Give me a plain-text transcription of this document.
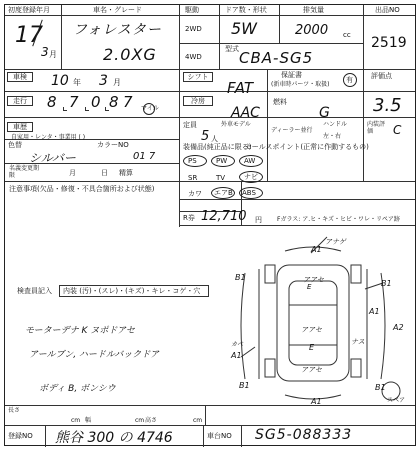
初度登録年月
17
3 月
車名・グレード
フォレスター
2.0XG
駆動
2WD
4WD
ドア数・形状
5W
排気量
2000 cc
型式 CBA-SG5
出品NO
2519
車検	10 年 3 月
シフト
FAT
保証書
(新車時パーツ・取扱)
有	評価点
3.5
走行	8 7 0 8 7 マイル
冷房
AAC
燃料
G
車歴
自家用・レンタ・事業用 ( )
定員
5 人
外車モデル
ディーラー並行
ハンドル
左・右
内装評価	C
色替
シルバー
カラーNO
01 7
名義変更期限	月	日 精算
装備品(純正品に限る)
PS	PW AW
SR	TV	ナビ
カワ エアB ABS
R券 12,710 円
セールスポイント(正常に作動するもの)
Fガラス: ア.ヒ・キズ・ヒビ・ワレ・リペア跡
注意事項(欠品・修復・不具合箇所および状態)
検査員記入	内装 (汚)・(スレ)・(キズ)・キレ・コゲ・穴
モーターデナ K ヌポドアセ
アールブン, ハードルバックドア
ボディ B, ボンシウ
A1
アナゲ
B1
B1
アアセ
E
アアセ
E
A1
ナス
A1
カベ
B1	B1
アアセ
A1
A2
スペア
長さ
cm 幅	cm 高さ	cm
登録NO 熊谷 300 の 4746	車台NO SG5-088333
